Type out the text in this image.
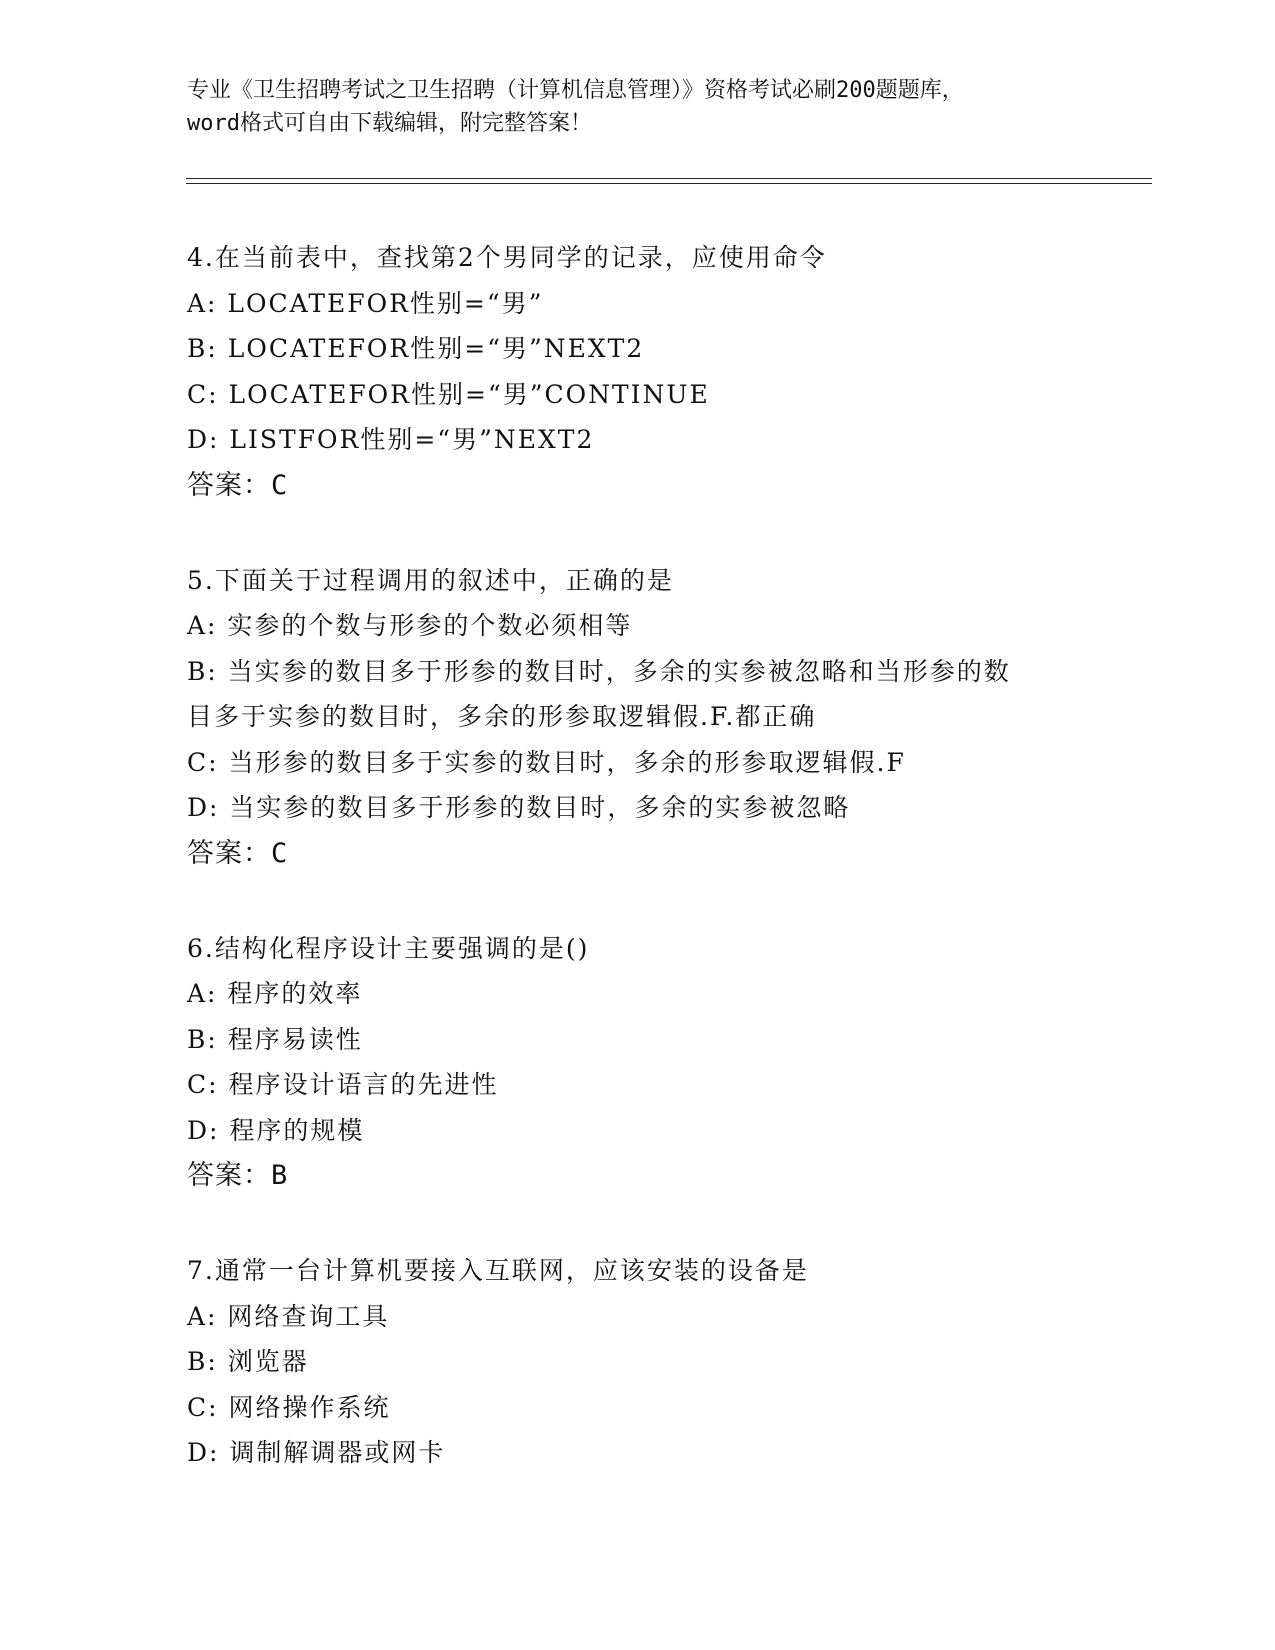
专业《卫生招聘考试之卫生招聘（计算机信息管理）》资格考试必刷200题题库，
word格式可自由下载编辑，附完整答案！

4.在当前表中，查找第2个男同学的记录，应使用命令

A: LOCATEFOR性别=“男”

B: LOCATEFOR性别=“男”NEXT2

C: LOCATEFOR性别=“男”CONTINUE

D: LISTFOR性别=“男”NEXT2

答案：C

5.下面关于过程调用的叙述中，正确的是

A: 实参的个数与形参的个数必须相等

B: 当实参的数目多于形参的数目时，多余的实参被忽略和当形参的数

目多于实参的数目时，多余的形参取逻辑假.F.都正确

C: 当形参的数目多于实参的数目时，多余的形参取逻辑假.F

D: 当实参的数目多于形参的数目时，多余的实参被忽略

答案：C

6.结构化程序设计主要强调的是()

A: 程序的效率

B: 程序易读性

C: 程序设计语言的先进性

D: 程序的规模

答案：B

7.通常一台计算机要接入互联网，应该安装的设备是

A: 网络查询工具

B: 浏览器

C: 网络操作系统

D: 调制解调器或网卡
